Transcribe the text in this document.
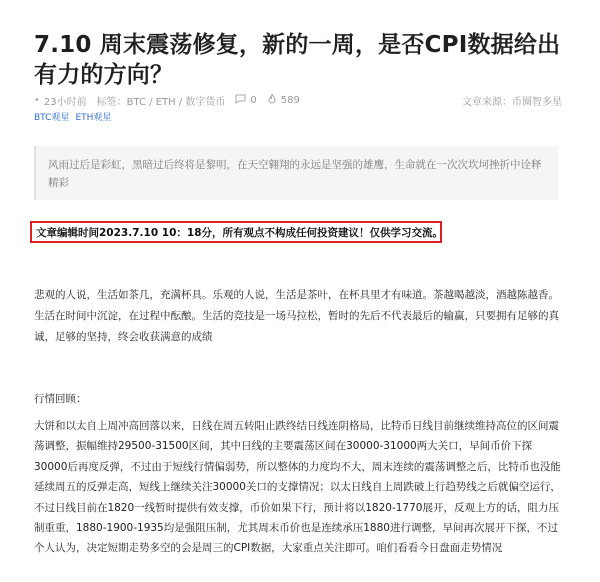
7.10 周末震荡修复，新的一周，是否CPI数据给出有力的方向？
• 23小时前 标签：BTC / ETH / 数字货币	0 589	文章来源：币圈智多星
BTC观星 ETH观星
风雨过后是彩虹，黑暗过后终将是黎明，在天空翱翔的永远是坚强的雄鹰，生命就在一次次坎坷挫折中诠释精彩
文章编辑时间2023.7.10 10：18分，所有观点不构成任何投资建议！仅供学习交流。
悲观的人说，生活如茶几，充满杯具。乐观的人说，生活是茶叶，在杯具里才有味道。茶越喝越淡，酒越陈越香。生活在时间中沉淀，在过程中酝酿。生活的竞技是一场马拉松，暂时的先后不代表最后的输赢，只要拥有足够的真诚，足够的坚持，终会收获满意的成绩
行情回顾：
大饼和以太自上周冲高回落以来，日线在周五转阳止跌终结日线连阴格局，比特币日线目前继续维持高位的区间震荡调整，振幅维持29500-31500区间，其中日线的主要震荡区间在30000-31000两大关口，早间币价下探30000后再度反弹，不过由于短线行情偏弱势，所以整体的力度均不大，周末连续的震荡调整之后，比特币也没能延续周五的反弹走高，短线上继续关注30000关口的支撑情况；以太日线自上周跌破上行趋势线之后就偏空运行，不过日线目前在1820一线暂时提供有效支撑，币价如果下行，预计将以1820-1770展开，反观上方的话，阻力压制重重，1880-1900-1935均是强阻压制，尤其周末币价也是连续承压1880进行调整，早间再次展开下探，不过个人认为，决定短期走势多空的会是周三的CPI数据，大家重点关注即可。咱们看看今日盘面走势情况
